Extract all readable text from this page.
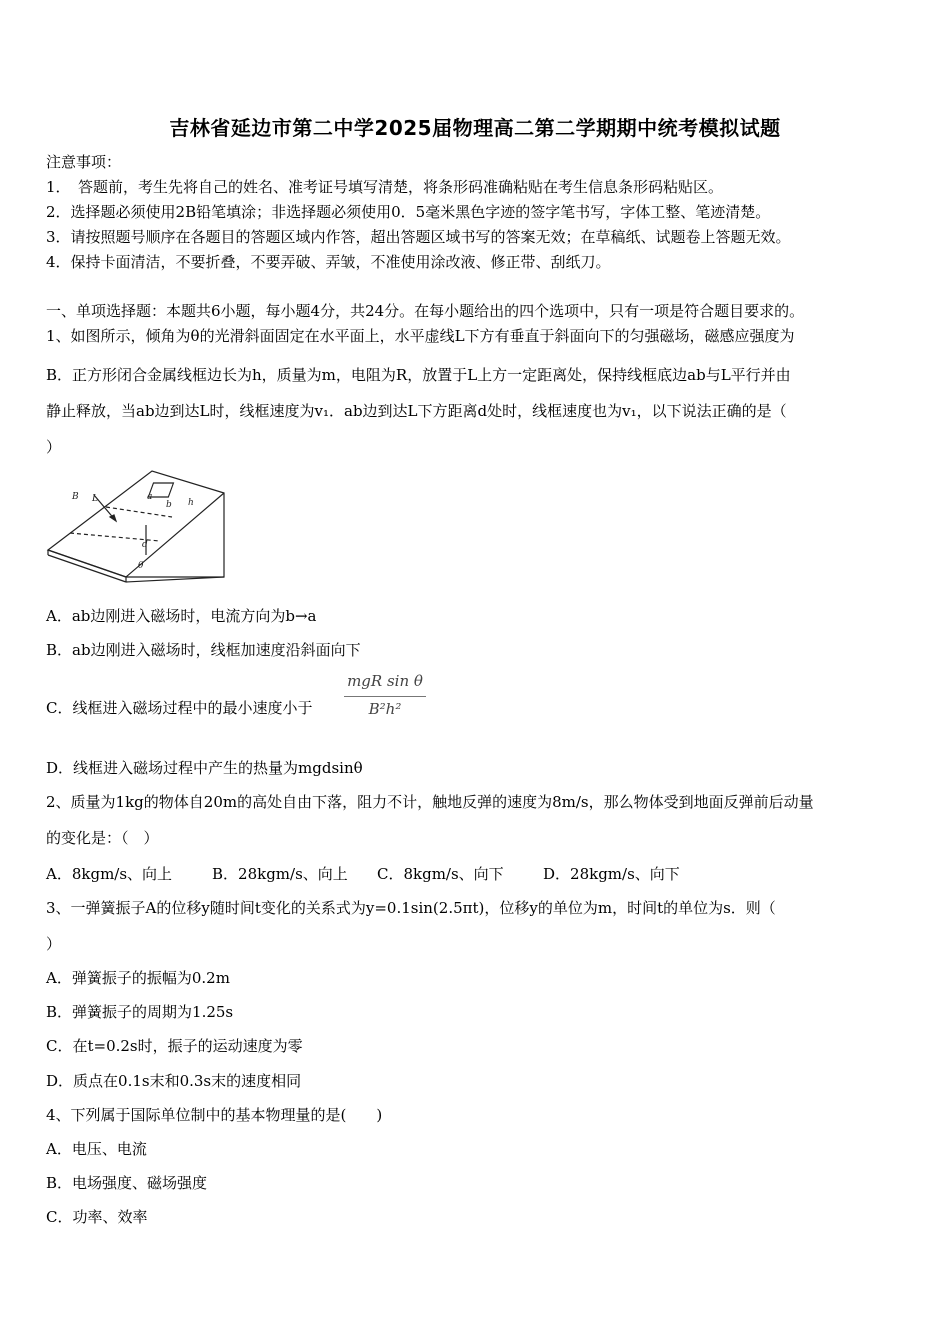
吉林省延边市第二中学2025届物理高二第二学期期中统考模拟试题
注意事项：
1．　答题前，考生先将自己的姓名、准考证号填写清楚，将条形码准确粘贴在考生信息条形码粘贴区。
2．选择题必须使用2B铅笔填涂；非选择题必须使用0．5毫米黑色字迹的签字笔书写，字体工整、笔迹清楚。
3．请按照题号顺序在各题目的答题区域内作答，超出答题区域书写的答案无效；在草稿纸、试题卷上答题无效。
4．保持卡面清洁，不要折叠，不要弄破、弄皱，不准使用涂改液、修正带、刮纸刀。
一、单项选择题：本题共6小题，每小题4分，共24分。在每小题给出的四个选项中，只有一项是符合题目要求的。
1、如图所示，倾角为θ的光滑斜面固定在水平面上，水平虚线L下方有垂直于斜面向下的匀强磁场，磁感应强度为
B．正方形闭合金属线框边长为h，质量为m，电阻为R，放置于L上方一定距离处，保持线框底边ab与L平行并由
静止释放，当ab边到达L时，线框速度为v₁．ab边到达L下方距离d处时，线框速度也为v₁，以下说法正确的是（
）
B L	a
b h
d
θ
A．ab边刚进入磁场时，电流方向为b→a
B．ab边刚进入磁场时，线框加速度沿斜面向下
C．线框进入磁场过程中的最小速度小于
mgR sin θ
B²h²
D．线框进入磁场过程中产生的热量为mgdsinθ
2、质量为1kg的物体自20m的高处自由下落，阻力不计，触地反弹的速度为8m/s，那么物体受到地面反弹前后动量
的变化是：（　）
A．8kgm/s、向上	B．28kgm/s、向上 C．8kgm/s、向下	D．28kgm/s、向下
3、一弹簧振子A的位移y随时间t变化的关系式为y=0.1sin(2.5πt)，位移y的单位为m，时间t的单位为s．则（
）
A．弹簧振子的振幅为0.2m
B．弹簧振子的周期为1.25s
C．在t=0.2s时，振子的运动速度为零
D．质点在0.1s末和0.3s末的速度相同
4、下列属于国际单位制中的基本物理量的是(　　)
A．电压、电流
B．电场强度、磁场强度
C．功率、效率
